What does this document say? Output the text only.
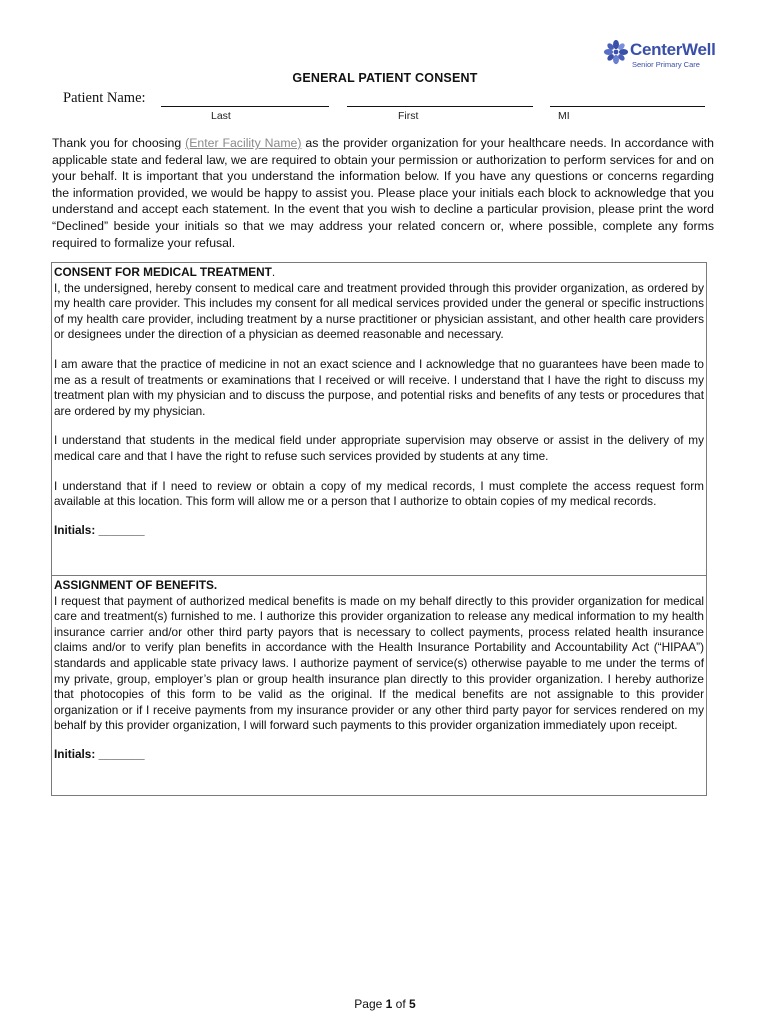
CenterWell
Senior Primary Care
GENERAL PATIENT CONSENT
Patient Name:
Last	First	MI
Thank you for choosing (Enter Facility Name) as the provider organization for your healthcare needs. In accordance with applicable state and federal law, we are required to obtain your permission or authorization to perform services for and on your behalf. It is important that you understand the information below. If you have any questions or concerns regarding the information provided, we would be happy to assist you. Please place your initials each block to acknowledge that you understand and accept each statement. In the event that you wish to decline a particular provision, please print the word “Declined” beside your initials so that we may address your related concern or, where possible, complete any forms required to formalize your refusal.
CONSENT FOR MEDICAL TREATMENT.

I, the undersigned, hereby consent to medical care and treatment provided through this provider organization, as ordered by my health care provider. This includes my consent for all medical services provided under the general or specific instructions of my health care provider, including treatment by a nurse practitioner or physician assistant, and other health care providers or designees under the direction of a physician as deemed reasonable and necessary.

I am aware that the practice of medicine in not an exact science and I acknowledge that no guarantees have been made to me as a result of treatments or examinations that I received or will receive. I understand that I have the right to discuss my treatment plan with my physician and to discuss the purpose, and potential risks and benefits of any tests or procedures that are ordered by my physician.

I understand that students in the medical field under appropriate supervision may observe or assist in the delivery of my medical care and that I have the right to refuse such services provided by students at any time.

I understand that if I need to review or obtain a copy of my medical records, I must complete the access request form available at this location. This form will allow me or a person that I authorize to obtain copies of my medical records.

Initials: _______
ASSIGNMENT OF BENEFITS.

I request that payment of authorized medical benefits is made on my behalf directly to this provider organization for medical care and treatment(s) furnished to me. I authorize this provider organization to release any medical information to my health insurance carrier and/or other third party payors that is necessary to collect payments, process related health insurance claims and/or to verify plan benefits in accordance with the Health Insurance Portability and Accountability Act (“HIPAA”) standards and applicable state privacy laws. I authorize payment of service(s) otherwise payable to me under the terms of my private, group, employer’s plan or group health insurance plan directly to this provider organization. I hereby authorize that photocopies of this form to be valid as the original. If the medical benefits are not assignable to this provider organization or if I receive payments from my insurance provider or any other third party payor for services rendered on my behalf by this provider organization, I will forward such payments to this provider organization immediately upon receipt.

Initials: _______
Page 1 of 5
